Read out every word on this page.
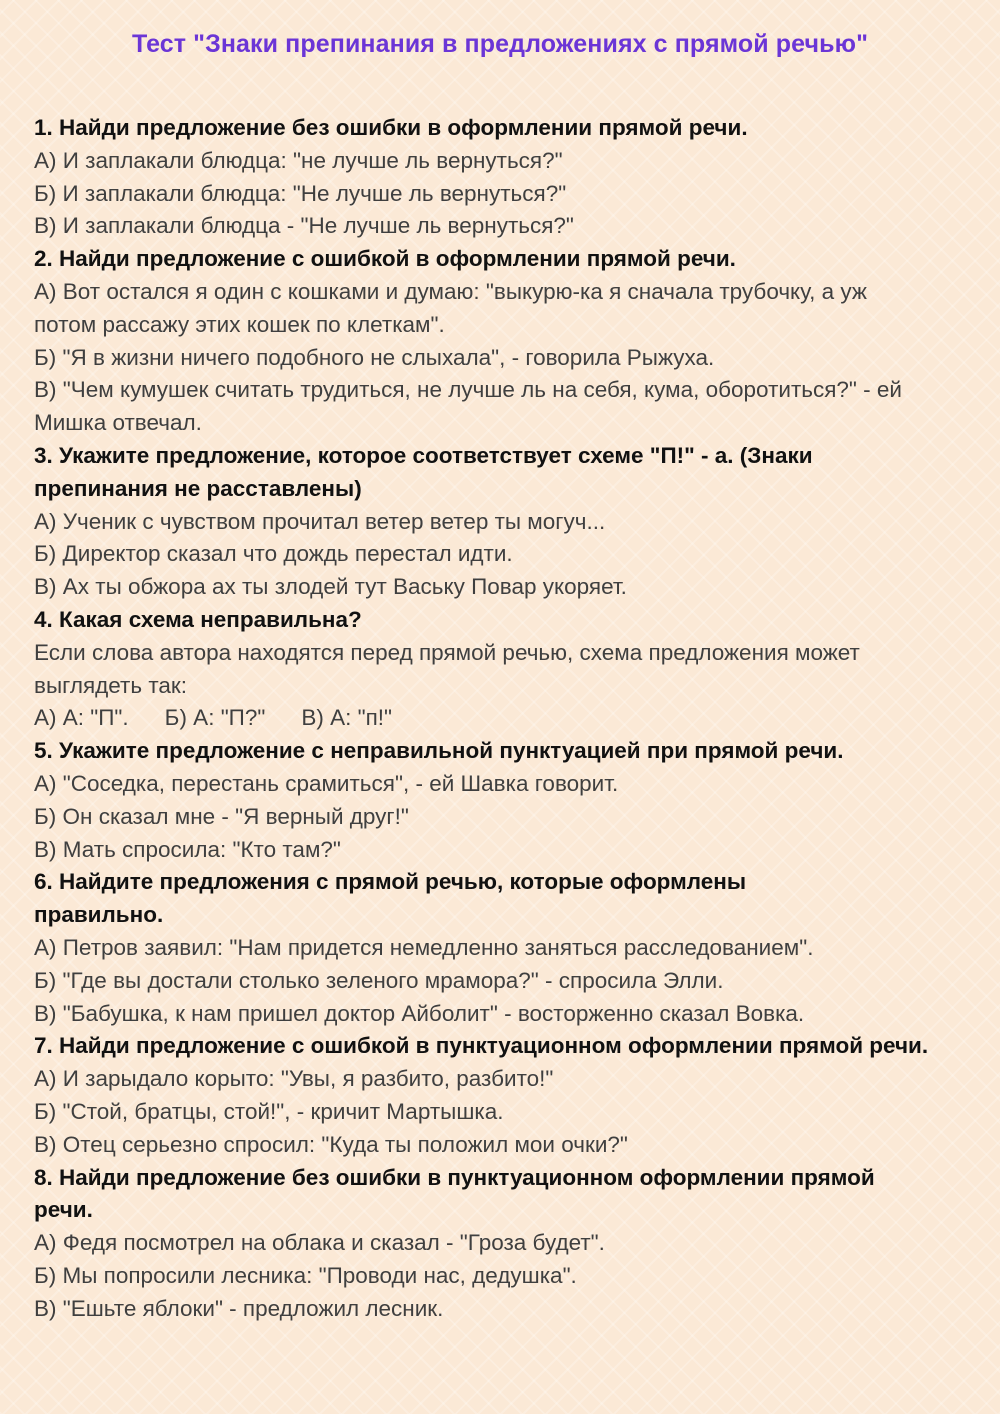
Тест "Знаки препинания в предложениях с прямой речью"
1. Найди предложение без ошибки в оформлении прямой речи.
А) И заплакали блюдца: "не лучше ль вернуться?"
Б) И заплакали блюдца: "Не лучше ль вернуться?"
В) И заплакали блюдца - "Не лучше ль вернуться?"
2. Найди предложение с ошибкой в оформлении прямой речи.
А) Вот остался я один с кошками и думаю: "выкурю-ка я сначала трубочку, а уж потом рассажу этих кошек по клеткам".
Б) "Я в жизни ничего подобного не слыхала", - говорила Рыжуха.
В) "Чем кумушек считать трудиться, не лучше ль на себя, кума, оборотиться?" - ей Мишка отвечал.
3. Укажите предложение, которое соответствует схеме "П!" - а. (Знаки препинания не расставлены)
А) Ученик с чувством прочитал ветер ветер ты могуч...
Б) Директор сказал что дождь перестал идти.
В) Ах ты обжора ах ты злодей тут Ваську Повар укоряет.
4. Какая схема неправильна?
Если слова автора находятся перед прямой речью, схема предложения может выглядеть так:
А) А: "П". Б) А: "П?" В) А: "п!"
5. Укажите предложение с неправильной пунктуацией при прямой речи.
А) "Соседка, перестань срамиться", - ей Шавка говорит.
Б) Он сказал мне - "Я верный друг!"
В) Мать спросила: "Кто там?"
6. Найдите предложения с прямой речью, которые оформлены правильно.
А) Петров заявил: "Нам придется немедленно заняться расследованием".
Б) "Где вы достали столько зеленого мрамора?" - спросила Элли.
В) "Бабушка, к нам пришел доктор Айболит" - восторженно сказал Вовка.
7. Найди предложение с ошибкой в пунктуационном оформлении прямой речи.
А) И зарыдало корыто: "Увы, я разбито, разбито!"
Б) "Стой, братцы, стой!", - кричит Мартышка.
В) Отец серьезно спросил: "Куда ты положил мои очки?"
8. Найди предложение без ошибки в пунктуационном оформлении прямой речи.
А) Федя посмотрел на облака и сказал - "Гроза будет".
Б) Мы попросили лесника: "Проводи нас, дедушка".
В) "Ешьте яблоки" - предложил лесник.
